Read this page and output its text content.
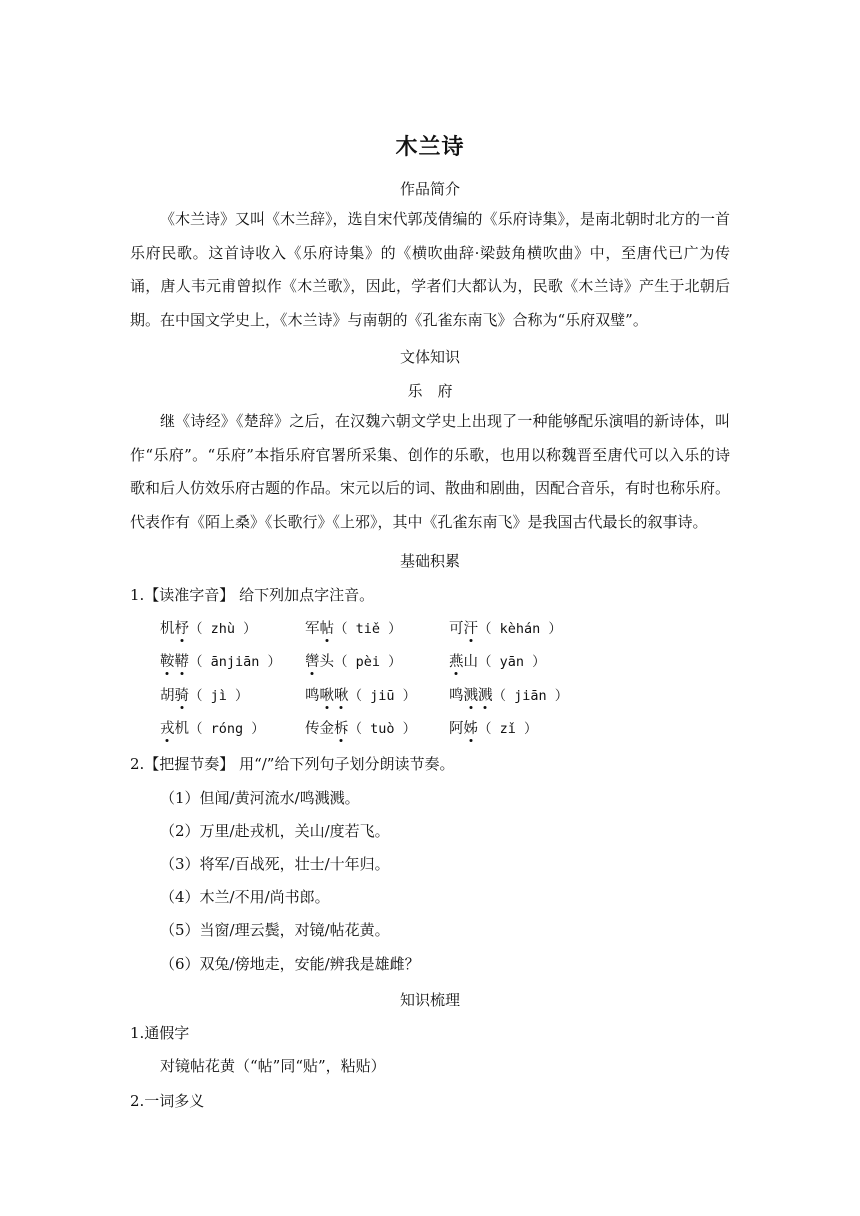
木兰诗
作品简介
《木兰诗》又叫《木兰辞》，选自宋代郭茂倩编的《乐府诗集》，是南北朝时北方的一首乐府民歌。这首诗收入《乐府诗集》的《横吹曲辞·梁鼓角横吹曲》中，至唐代已广为传诵，唐人韦元甫曾拟作《木兰歌》，因此，学者们大都认为，民歌《木兰诗》产生于北朝后期。在中国文学史上，《木兰诗》与南朝的《孔雀东南飞》合称为“乐府双璧”。
文体知识
乐　府
继《诗经》《楚辞》之后，在汉魏六朝文学史上出现了一种能够配乐演唱的新诗体，叫作“乐府”。“乐府”本指乐府官署所采集、创作的乐歌，也用以称魏晋至唐代可以入乐的诗歌和后人仿效乐府古题的作品。宋元以后的词、散曲和剧曲，因配合音乐，有时也称乐府。代表作有《陌上桑》《长歌行》《上邪》，其中《孔雀东南飞》是我国古代最长的叙事诗。
基础积累
1.【读准字音】 给下列加点字注音。
机杼（ zhù ）	军帖（ tiě ）	可汗（ kèhán ）
鞍鞯（ ānjiān ） 辔头（ pèi ）	燕山（ yān ）
胡骑（ jì ）	鸣啾啾（ jiū ） 鸣溅溅（ jiān ）
戎机（ róng ）	传金柝（ tuò ） 阿姊（ zǐ ）
2.【把握节奏】 用“/”给下列句子划分朗读节奏。
（1）但闻/黄河流水/鸣溅溅。
（2）万里/赴戎机，关山/度若飞。
（3）将军/百战死，壮士/十年归。
（4）木兰/不用/尚书郎。
（5）当窗/理云鬓，对镜/帖花黄。
（6）双兔/傍地走，安能/辨我是雄雌？
知识梳理
1.通假字
对镜帖花黄（“帖”同“贴”，粘贴）
2.一词多义
